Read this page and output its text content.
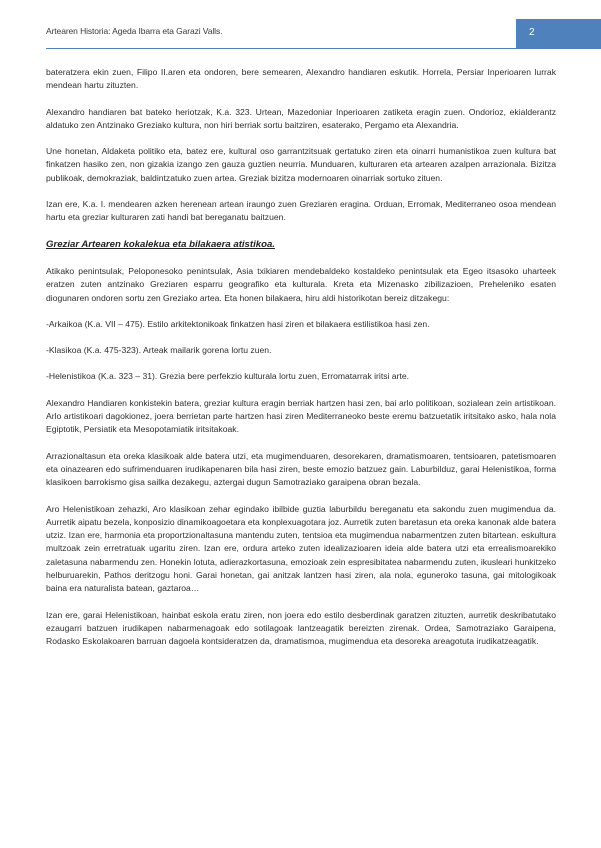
Artearen Historia: Ageda Ibarra eta Garazi Valls.	2

bateratzera ekin zuen, Filipo II.aren eta ondoren, bere semearen, Alexandro handiaren eskutik. Horrela, Persiar Inperioaren lurrak mendean hartu zituzten.

Alexandro handiaren bat bateko heriotzak, K.a. 323. Urtean, Mazedoniar Inperioaren zatiketa eragin zuen. Ondorioz, ekialderantz aldatuko zen Antzinako Greziako kultura, non hiri berriak sortu baitziren, esaterako, Pergamo eta Alexandria.

Une honetan, Aldaketa politiko eta, batez ere, kultural oso garrantzitsuak gertatuko ziren eta oinarri humanistikoa zuen kultura bat finkatzen hasiko zen, non gizakia izango zen gauza guztien neurria. Munduaren, kulturaren eta artearen azalpen arrazionala. Bizitza publikoak, demokraziak, baldintzatuko zuen artea. Greziak bizitza modernoaren oinarriak sortuko zituen.

Izan ere, K.a. I. mendearen azken herenean artean iraungo zuen Greziaren eragina. Orduan, Erromak, Mediterraneo osoa mendean hartu eta greziar kulturaren zati handi bat bereganatu baitzuen.

Greziar Artearen kokalekua eta bilakaera atistikoa.

Atikako penintsulak, Peloponesoko penintsulak, Asia txikiaren mendebaldeko kostaldeko penintsulak eta Egeo itsasoko uharteek eratzen zuten antzinako Greziaren esparru geografiko eta kulturala. Kreta eta Mizenasko zibilizazioen, Preheleniko esaten diogunaren ondoren sortu zen Greziako artea. Eta honen bilakaera, hiru aldi historikotan bereiz ditzakegu:

-Arkaikoa (K.a. VII – 475). Estilo arkitektonikoak finkatzen hasi ziren et bilakaera estilistikoa hasi zen.

-Klasikoa (K.a. 475-323). Arteak mailarik gorena lortu zuen.

-Helenistikoa (K.a. 323 – 31). Grezia bere perfekzio kulturala lortu zuen, Erromatarrak iritsi arte.

Alexandro Handiaren konkistekin batera, greziar kultura eragin berriak hartzen hasi zen, bai arlo politikoan, sozialean zein artistikoan. Arlo artistikoari dagokionez, joera berrietan parte hartzen hasi ziren Mediterraneoko beste eremu batzuetatik iritsitako asko, hala nola Egiptotik, Persiatik eta Mesopotamiatik iritsitakoak.

Arrazionaltasun eta oreka klasikoak alde batera utzi, eta mugimenduaren, desorekaren, dramatismoaren, tentsioaren, patetismoaren eta oinazearen edo sufrimenduaren irudikapenaren bila hasi ziren, beste emozio batzuez gain. Laburbilduz, garai Helenistikoa, forma klasikoen barrokismo gisa sailka dezakegu, aztergai dugun Samotraziako garaipena obran bezala.

Aro Helenistikoan zehazki, Aro klasikoan zehar egindako ibilbide guztia laburbildu bereganatu eta sakondu zuen mugimendua da. Aurretik aipatu bezela, konposizio dinamikoagoetara eta konplexuagotara joz. Aurretik zuten baretasun eta oreka kanonak alde batera utziz. Izan ere, harmonia eta proportzionaltasuna mantendu zuten, tentsioa eta mugimendua nabarmentzen zuten bitartean. eskultura multzoak zein erretratuak ugaritu ziren. Izan ere, ordura arteko zuten idealizazioaren ideia alde batera utzi eta errealismoarekiko zaletasuna nabarmendu zen. Honekin lotuta, adierazkortasuna, emozioak zein espresibitatea nabarmendu zuten, ikusleari hunkitzeko helburuarekin, Pathos deritzogu honi. Garai honetan, gai anitzak lantzen hasi ziren, ala nola, eguneroko tasuna, gai mitologikoak baina era naturalista batean, gaztaroa…

Izan ere, garai Helenistikoan, hainbat eskola eratu ziren, non joera edo estilo desberdinak garatzen zituzten, aurretik deskribatutako ezaugarri batzuen irudikapen nabarmenagoak edo sotilagoak lantzeagatik bereizten zirenak. Ordea, Samotraziako Garaipena, Rodasko Eskolakoaren barruan dagoela kontsideratzen da, dramatismoa, mugimendua eta desoreka areagotuta irudikatzeagatik.
